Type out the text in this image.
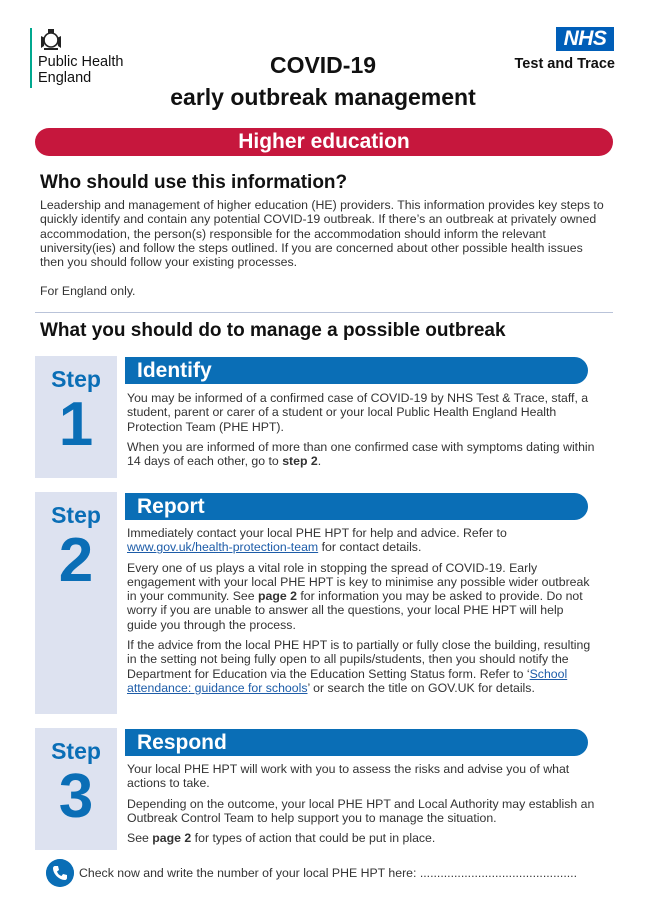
Public Health
England
NHS
Test and Trace
COVID-19
early outbreak management
Higher education
Who should use this information?
Leadership and management of higher education (HE) providers. This information provides key steps to quickly identify and contain any potential COVID-19 outbreak. If there’s an outbreak at privately owned accommodation, the person(s) responsible for the accommodation should inform the relevant university(ies) and follow the steps outlined. If you are concerned about other possible health issues then you should follow your existing processes.
For England only.
What you should do to manage a possible outbreak
Step
1
Identify

You may be informed of a confirmed case of COVID-19 by NHS Test & Trace, staff, a student, parent or carer of a student or your local Public Health England Health Protection Team (PHE HPT).

When you are informed of more than one confirmed case with symptoms dating within 14 days of each other, go to step 2.

Step
2
Report

Immediately contact your local PHE HPT for help and advice. Refer to www.gov.uk/health-protection-team for contact details.

Every one of us plays a vital role in stopping the spread of COVID-19. Early engagement with your local PHE HPT is key to minimise any possible wider outbreak in your community. See page 2 for information you may be asked to provide. Do not worry if you are unable to answer all the questions, your local PHE HPT will help guide you through the process.

If the advice from the local PHE HPT is to partially or fully close the building, resulting in the setting not being fully open to all pupils/students, then you should notify the Department for Education via the Education Setting Status form. Refer to ‘School attendance: guidance for schools’ or search the title on GOV.UK for details.

Step
3
Respond

Your local PHE HPT will work with you to assess the risks and advise you of what actions to take.

Depending on the outcome, your local PHE HPT and Local Authority may establish an Outbreak Control Team to help support you to manage the situation.

See page 2 for types of action that could be put in place.

Check now and write the number of your local PHE HPT here: ..............................................
